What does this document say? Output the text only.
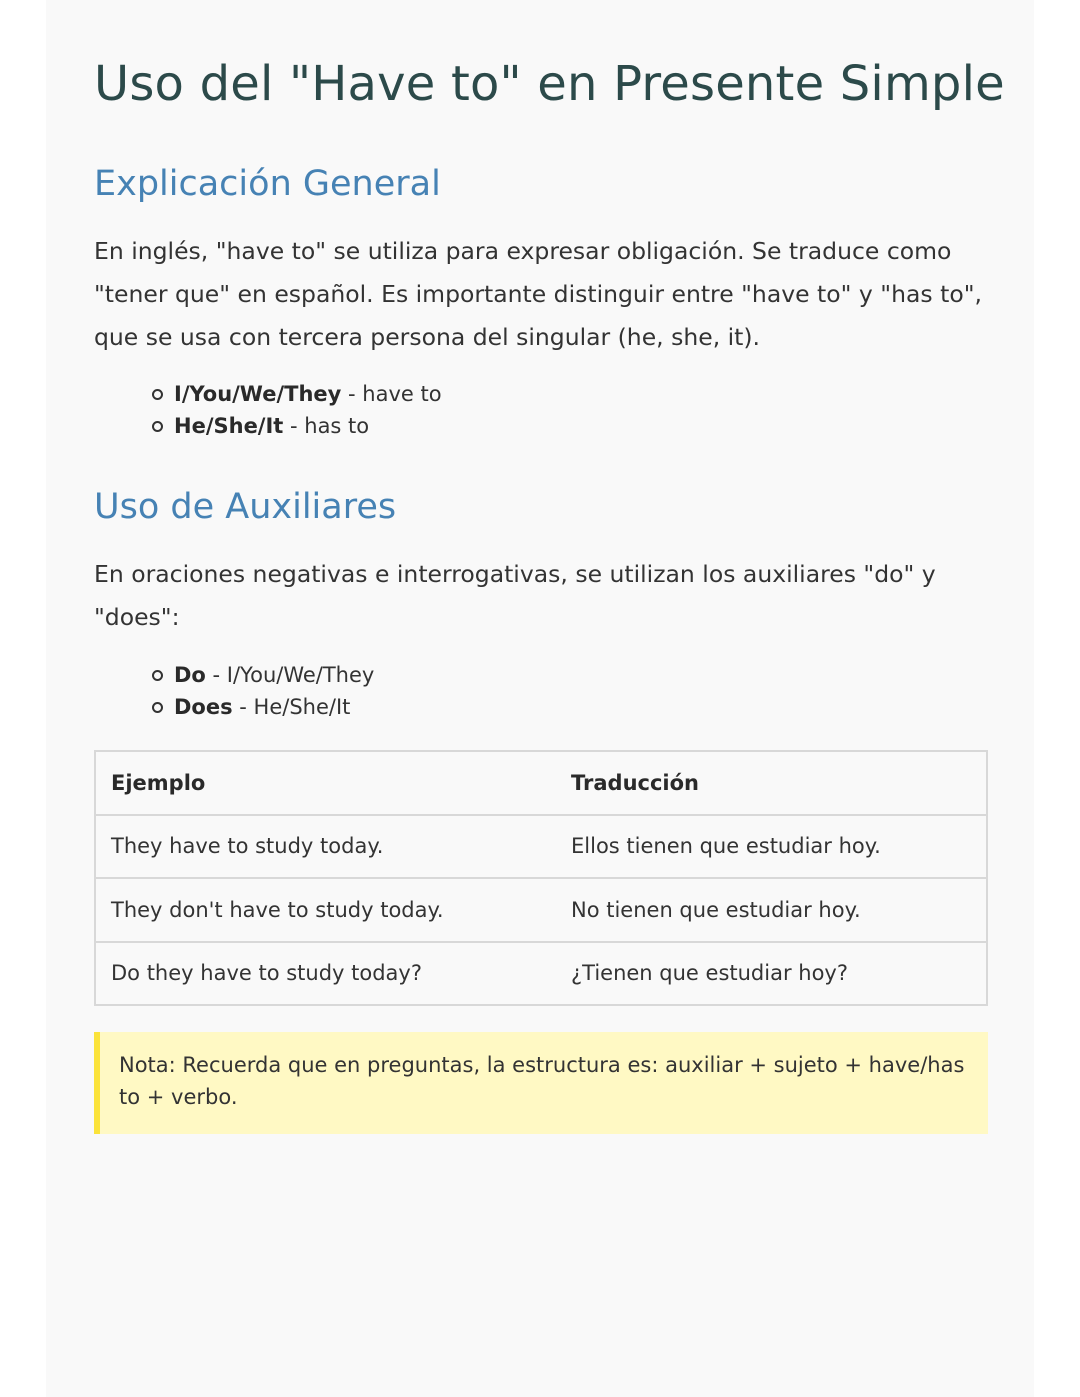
Uso del "Have to" en Presente Simple
Explicación General

En inglés, "have to" se utiliza para expresar obligación. Se traduce como "tener que" en español. Es importante distinguir entre "have to" y "has to", que se usa con tercera persona del singular (he, she, it).

I/You/We/They - have to
He/She/It - has to
Uso de Auxiliares

En oraciones negativas e interrogativas, se utilizan los auxiliares "do" y "does":

Do - I/You/We/They
Does - He/She/It
Ejemplo	Traducción
They have to study today.	Ellos tienen que estudiar hoy.
They don't have to study today.	No tienen que estudiar hoy.
Do they have to study today?	¿Tienen que estudiar hoy?
Nota: Recuerda que en preguntas, la estructura es: auxiliar + sujeto + have/has to + verbo.
